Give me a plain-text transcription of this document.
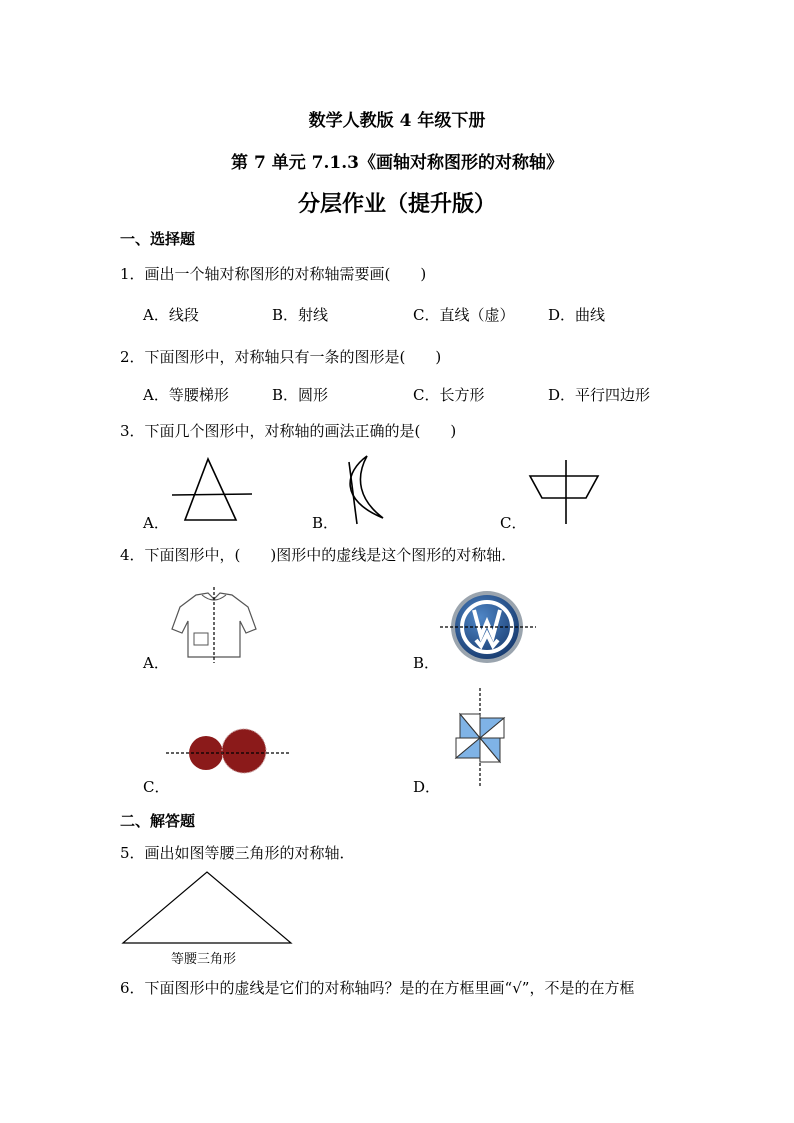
数学人教版 4 年级下册
第 7 单元 7.1.3《画轴对称图形的对称轴》
分层作业（提升版）
一、选择题
1．画出一个轴对称图形的对称轴需要画(　　)
A．线段	B．射线	C．直线（虚） D．曲线
2．下面图形中，对称轴只有一条的图形是(　　)
A．等腰梯形	B．圆形	C．长方形	D．平行四边形
3．下面几个图形中，对称轴的画法正确的是(　　)
A．	B．	C．
4．下面图形中，(　　)图形中的虚线是这个图形的对称轴．
A．	B．
C．	D．
二、解答题
5．画出如图等腰三角形的对称轴．
等腰三角形
6．下面图形中的虚线是它们的对称轴吗？是的在方框里画“√”，不是的在方框
